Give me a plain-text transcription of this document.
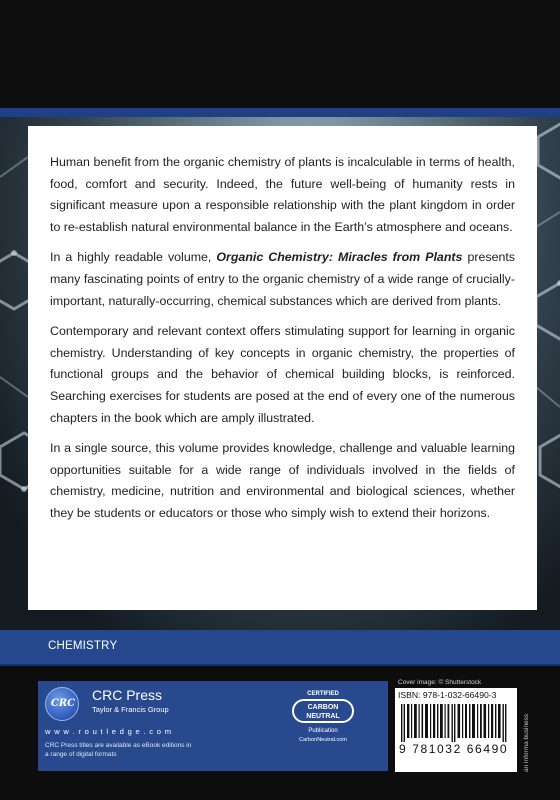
Human benefit from the organic chemistry of plants is incalculable in terms of health, food, comfort and security. Indeed, the future well-being of humanity rests in significant measure upon a responsible relationship with the plant kingdom in order to re-establish natural environmental balance in the Earth’s atmosphere and oceans.

In a highly readable volume, Organic Chemistry: Miracles from Plants presents many fascinating points of entry to the organic chemistry of a wide range of crucially-important, naturally-occurring, chemical substances which are derived from plants.

Contemporary and relevant context offers stimulating support for learning in organic chemistry. Understanding of key concepts in organic chemistry, the properties of functional groups and the behavior of chemical building blocks, is reinforced. Searching exercises for students are posed at the end of every one of the numerous chapters in the book which are amply illustrated.

In a single source, this volume provides knowledge, challenge and valuable learning opportunities suitable for a wide range of individuals involved in the fields of chemistry, medicine, nutrition and environmental and biological sciences, whether they be students or educators or those who simply wish to extend their horizons.

CHEMISTRY
CRC
CRC Press
Taylor & Francis Group
w w w . r o u t l e d g e . c o m
CRC Press titles are available as eBook editions in a range of digital formats
CERTIFIED
CARBON NEUTRAL
Publication
CarbonNeutral.com
Cover image: © Shutterstock
ISBN: 978-1-032-66490-3
9 781032 66490 an informa business
